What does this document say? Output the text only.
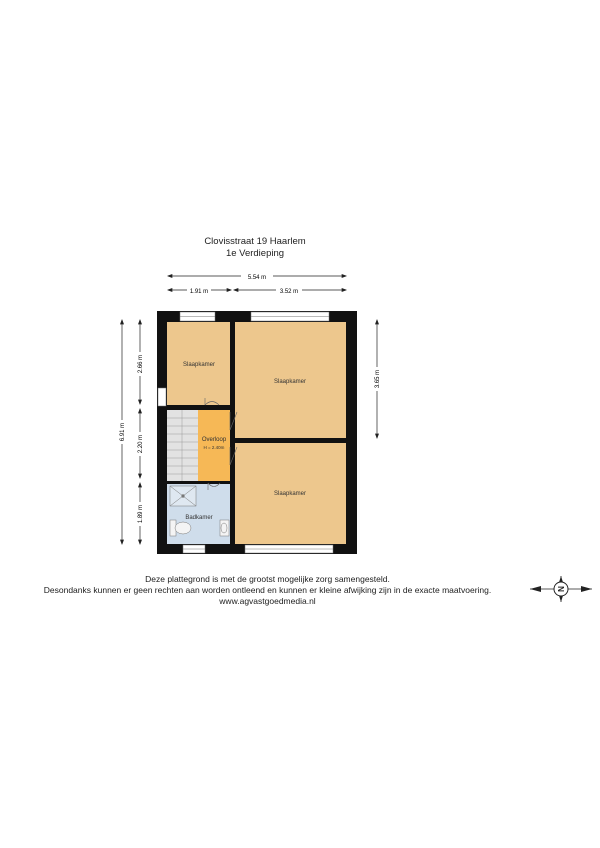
Clovisstraat 19 Haarlem
1e Verdieping
5.54 m
1.91 m	3.52 m
6.91 m
2.66 m
2.20 m
1.89 m
3.65 m
Slaapkamer
Slaapkamer
Slaapkamer
Overloop
H = 2.40m
Badkamer
N
Deze plattegrond is met de grootst mogelijke zorg samengesteld.
Desondanks kunnen er geen rechten aan worden ontleend en kunnen er kleine afwijking zijn in de exacte maatvoering.
www.agvastgoedmedia.nl
